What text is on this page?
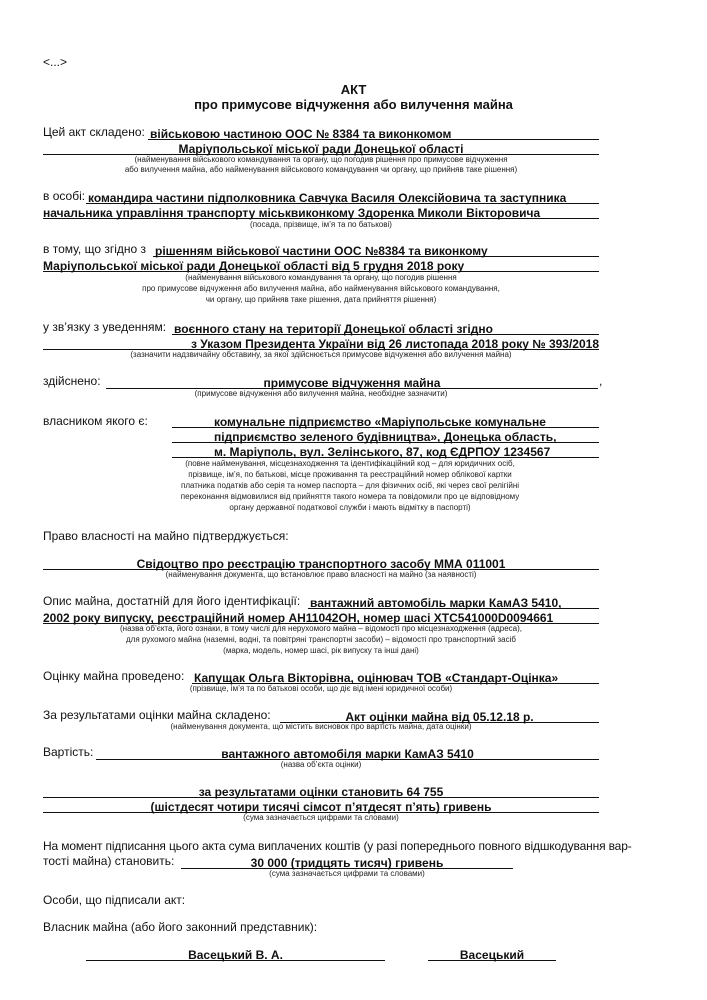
<...>
АКТ
про примусове відчуження або вилучення майна
Цей акт складено: військовою частиною ООС № 8384 та виконкомом
Маріупольської міської ради Донецької області
(найменування військового командування та органу, що погодив рішення про примусове відчуження
або вилучення майна, або найменування військового командування чи органу, що прийняв таке рішення)
в особі: командира частини підполковника Савчука Василя Олексійовича та заступника
начальника управління транспорту міськвиконкому Здоренка Миколи Вікторовича
(посада, прізвище, ім’я та по батькові)
в тому, що згідно з рішенням військової частини ООС №8384 та виконкому
Маріупольської міської ради Донецької області від 5 грудня 2018 року
(найменування військового командування та органу, що погодив рішення
про примусове відчуження або вилучення майна, або найменування військового командування,
чи органу, що прийняв таке рішення, дата прийняття рішення)
у зв’язку з уведенням: воєнного стану на території Донецької області згідно
з Указом Президента України від 26 листопада 2018 року № 393/2018
(зазначити надзвичайну обставину, за якої здійснюється примусове відчуження або вилучення майна)
здійснено:	примусове відчуження майна	,
(примусове відчуження або вилучення майна, необхідне зазначити)
власником якого є:	комунальне підприємство «Маріупольське комунальне
підприємство зеленого будівництва», Донецька область,
м. Маріуполь, вул. Зелінського, 87, код ЄДРПОУ 1234567
(повне найменування, місцезнаходження та ідентифікаційний код – для юридичних осіб,
прізвище, ім’я, по батькові, місце проживання та реєстраційний номер облікової картки
платника податків або серія та номер паспорта – для фізичних осіб, які через свої релігійні
переконання відмовилися від прийняття такого номера та повідомили про це відповідному
органу державної податкової служби і мають відмітку в паспорті)
Право власності на майно підтверджується:
Свідоцтво про реєстрацію транспортного засобу ММА 011001
(найменування документа, що встановлює право власності на майно (за наявності)
Опис майна, достатній для його ідентифікації: вантажний автомобіль марки КамАЗ 5410,
2002 року випуску, реєстраційний номер АН11042ОН, номер шасі ХТС541000D0094661
(назва об’єкта, його ознаки, в тому числі для нерухомого майна – відомості про місцезнаходження (адреса),
для рухомого майна (наземні, водні, та повітряні транспортні засоби) – відомості про транспортний засіб
(марка, модель, номер шасі, рік випуску та інші дані)
Оцінку майна проведено: Капущак Ольга Вікторівна, оцінювач ТОВ «Стандарт-Оцінка»
(прізвище, ім’я та по батькові особи, що діє від імені юридичної особи)
За результатами оцінки майна складено:	Акт оцінки майна від 05.12.18 р.
(найменування документа, що містить висновок про вартість майна, дата оцінки)
Вартість:	вантажного автомобіля марки КамАЗ 5410
(назва об’єкта оцінки)
за результатами оцінки становить 64 755
(шістдесят чотири тисячі сімсот п’ятдесят п’ять) гривень
(сума зазначається цифрами та словами)
На момент підписання цього акта сума виплачених коштів (у разі попереднього повного відшкодування вар-
тості майна) становить:	30 000 (тридцять тисяч) гривень
(сума зазначається цифрами та словами)
Особи, що підписали акт:
Власник майна (або його законний представник):
Васецький В. А.	Васецький
